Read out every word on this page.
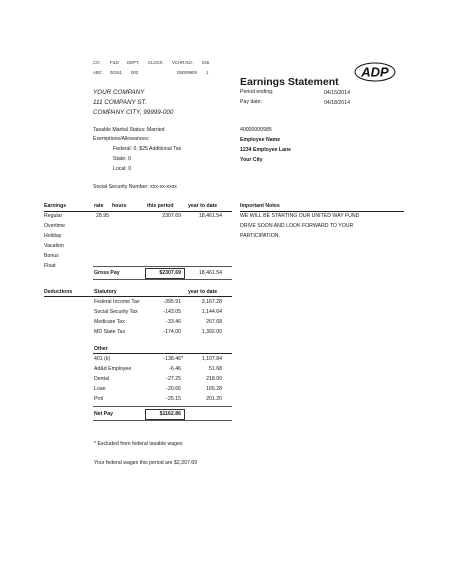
CO. FILE DEPT. CLOCK VCHR.NO. 046
ABC 00151 003	D9009909 1	ADP
Earnings Statement
Period ending:	04/15/2014
Pay date:	04/18/2014
YOUR COMPANY
111 COMPANY ST.
COMPANY CITY, 99999-000
Taxable Marital Status: Married
Exemptions/Allowances:
Federal: 0, $25 Additional Tax
State: 0
Local: 0
Social Security Number: xxx-xx-xxxx
40000000985
Employee Name
1234 Employee Lane
Your City
Earnings	rate hours	this period	year to date	Important Notes
WE WILL BE STARTING OUR UNITED WAY FUND
DRIVE SOON AND LOOK FORWARD TO YOUR
PARTICIPATION.
Regular	28.95	2307.69	18,461.54
Overtime
Holiday
Vacation
Bonus
Float
Gross Pay	$2307.69	18,461.54
Deductions	Statutory	year to date
Federal Income Tax	-395.91	3,167.28
Social Security Tax	-143.05	1,144.64
Medicare Tax	-33.46	267.68
MD State Tax	-174.00	1,392.00
Other
401 (k)	-138.46*	1,107.84
Ad&d Employee	-6.46	51.68
Dental	-27.25	218.00
Loan	-20.66	165.28
Prol	-25.15	201.20
Net Pay	$1162.86
* Excluded from federal taxable wages
Your federal wages this period are $2,307.69
